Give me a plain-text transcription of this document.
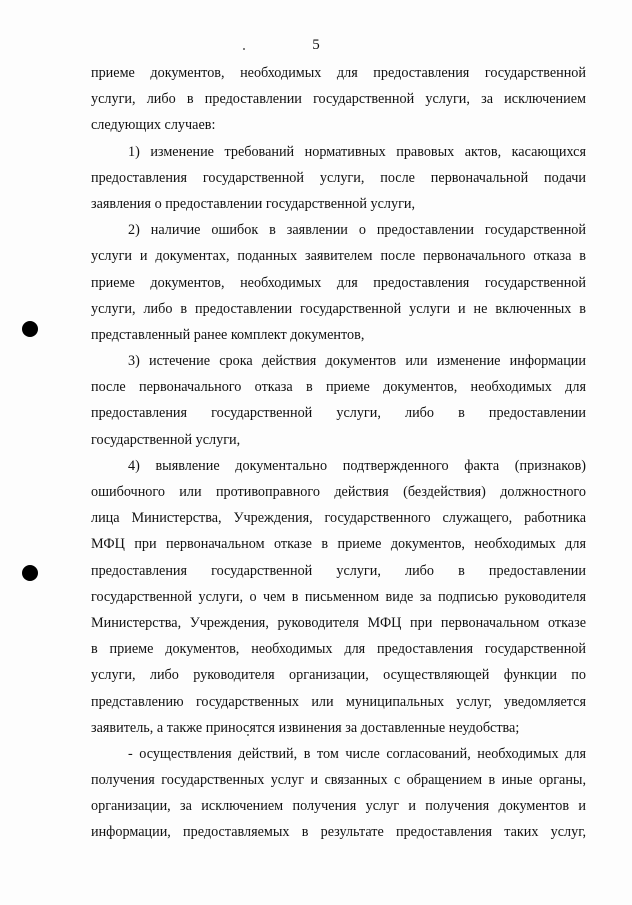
5
приеме документов, необходимых для предоставления государственной
услуги, либо в предоставлении государственной услуги, за исключением
следующих случаев:
1) изменение требований нормативных правовых актов, касающихся
предоставления государственной услуги, после первоначальной подачи
заявления о предоставлении государственной услуги,
2) наличие ошибок в заявлении о предоставлении государственной
услуги и документах, поданных заявителем после первоначального отказа в
приеме документов, необходимых для предоставления государственной
услуги, либо в предоставлении государственной услуги и не включенных в
представленный ранее комплект документов,
3) истечение срока действия документов или изменение информации
после первоначального отказа в приеме документов, необходимых для
предоставления государственной услуги, либо в предоставлении
государственной услуги,
4) выявление документально подтвержденного факта (признаков)
ошибочного или противоправного действия (бездействия) должностного
лица Министерства, Учреждения, государственного служащего, работника
МФЦ при первоначальном отказе в приеме документов, необходимых для
предоставления государственной услуги, либо в предоставлении
государственной услуги, о чем в письменном виде за подписью руководителя
Министерства, Учреждения, руководителя МФЦ при первоначальном отказе
в приеме документов, необходимых для предоставления государственной
услуги, либо руководителя организации, осуществляющей функции по
представлению государственных или муниципальных услуг, уведомляется
заявитель, а также приносятся извинения за доставленные неудобства;
- осуществления действий, в том числе согласований, необходимых для
получения государственных услуг и связанных с обращением в иные органы,
организации, за исключением получения услуг и получения документов и
информации, предоставляемых в результате предоставления таких услуг,
